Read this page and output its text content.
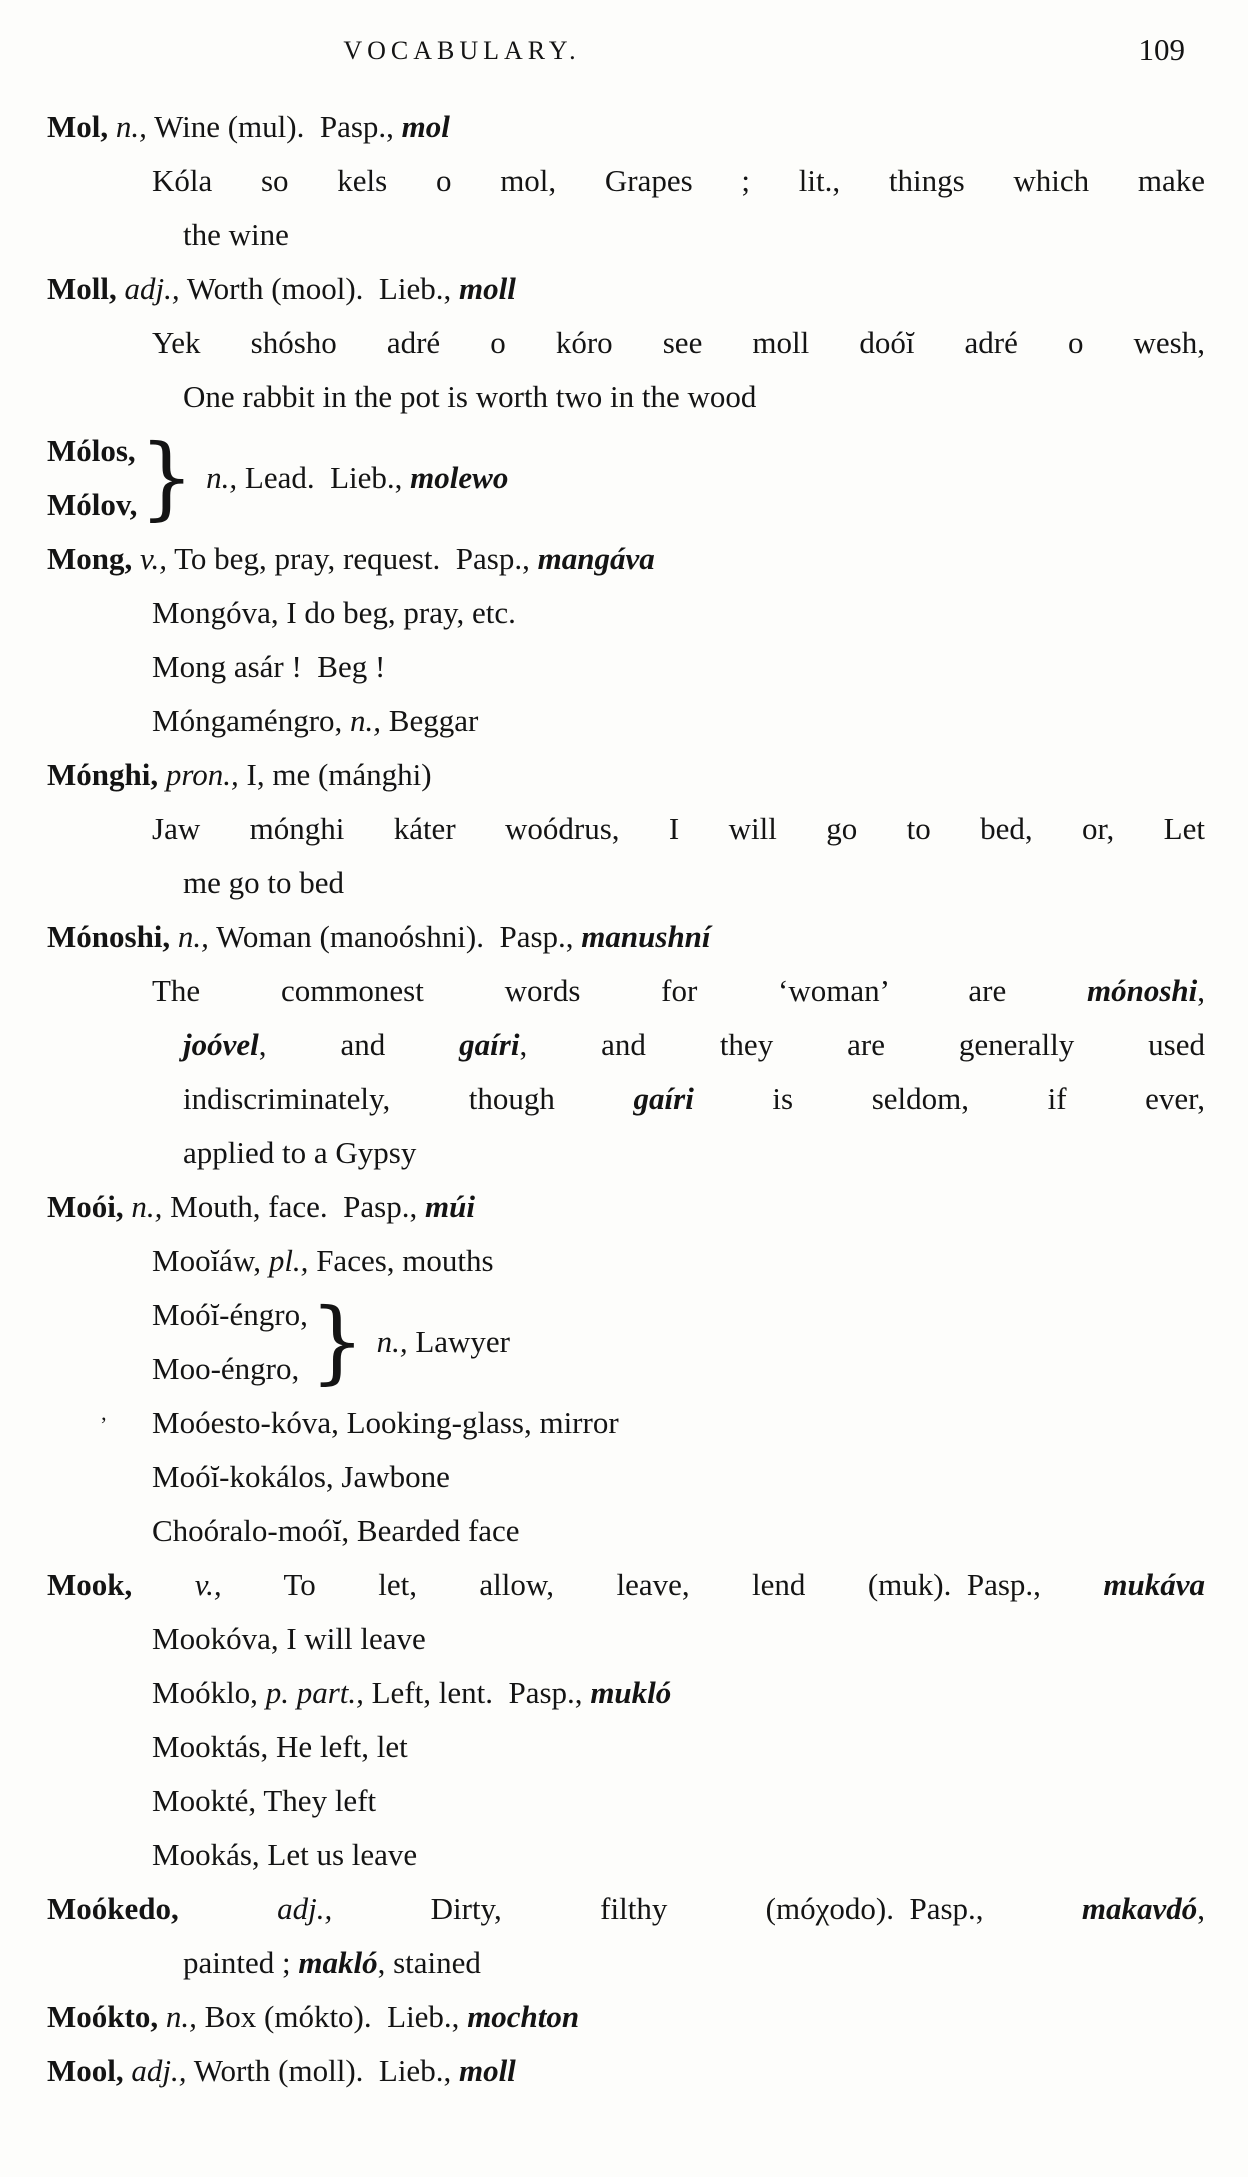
VOCABULARY.	109
Mol, n., Wine (mul). Pasp., mol
Kóla so kels o mol, Grapes ; lit., things which make
the wine
Moll, adj., Worth (mool). Lieb., moll
Yek shósho adré o kóro see moll doóĭ adré o wesh,
One rabbit in the pot is worth two in the wood
Mólos,
Mólov, } n., Lead. Lieb., molewo
Mong, v., To beg, pray, request. Pasp., mangáva
Mongóva, I do beg, pray, etc.
Mong asár ! Beg !
Móngaméngro, n., Beggar
Mónghi, pron., I, me (mánghi)
Jaw mónghi káter woódrus, I will go to bed, or, Let
me go to bed
Mónoshi, n., Woman (manoóshni). Pasp., manushní
The commonest words for ‘woman’ are mónoshi,
joóvel, and gaíri, and they are generally used
indiscriminately, though gaíri is seldom, if ever,
applied to a Gypsy
Moói, n., Mouth, face. Pasp., múi
Mooĭáw, pl., Faces, mouths
Moóĭ-éngro,
Moo-éngro, } n., Lawyer
’ Moóesto-kóva, Looking-glass, mirror
Moóĭ-kokálos, Jawbone
Choóralo-moóĭ, Bearded face
Mook, v., To let, allow, leave, lend (muk). Pasp., mukáva
Mookóva, I will leave
Moóklo, p. part., Left, lent. Pasp., mukló
Mooktás, He left, let
Mookté, They left
Mookás, Let us leave
Moókedo, adj., Dirty, filthy (móχodo). Pasp., makavdó,
painted ; makló, stained
Moókto, n., Box (mókto). Lieb., mochton
Mool, adj., Worth (moll). Lieb., moll
